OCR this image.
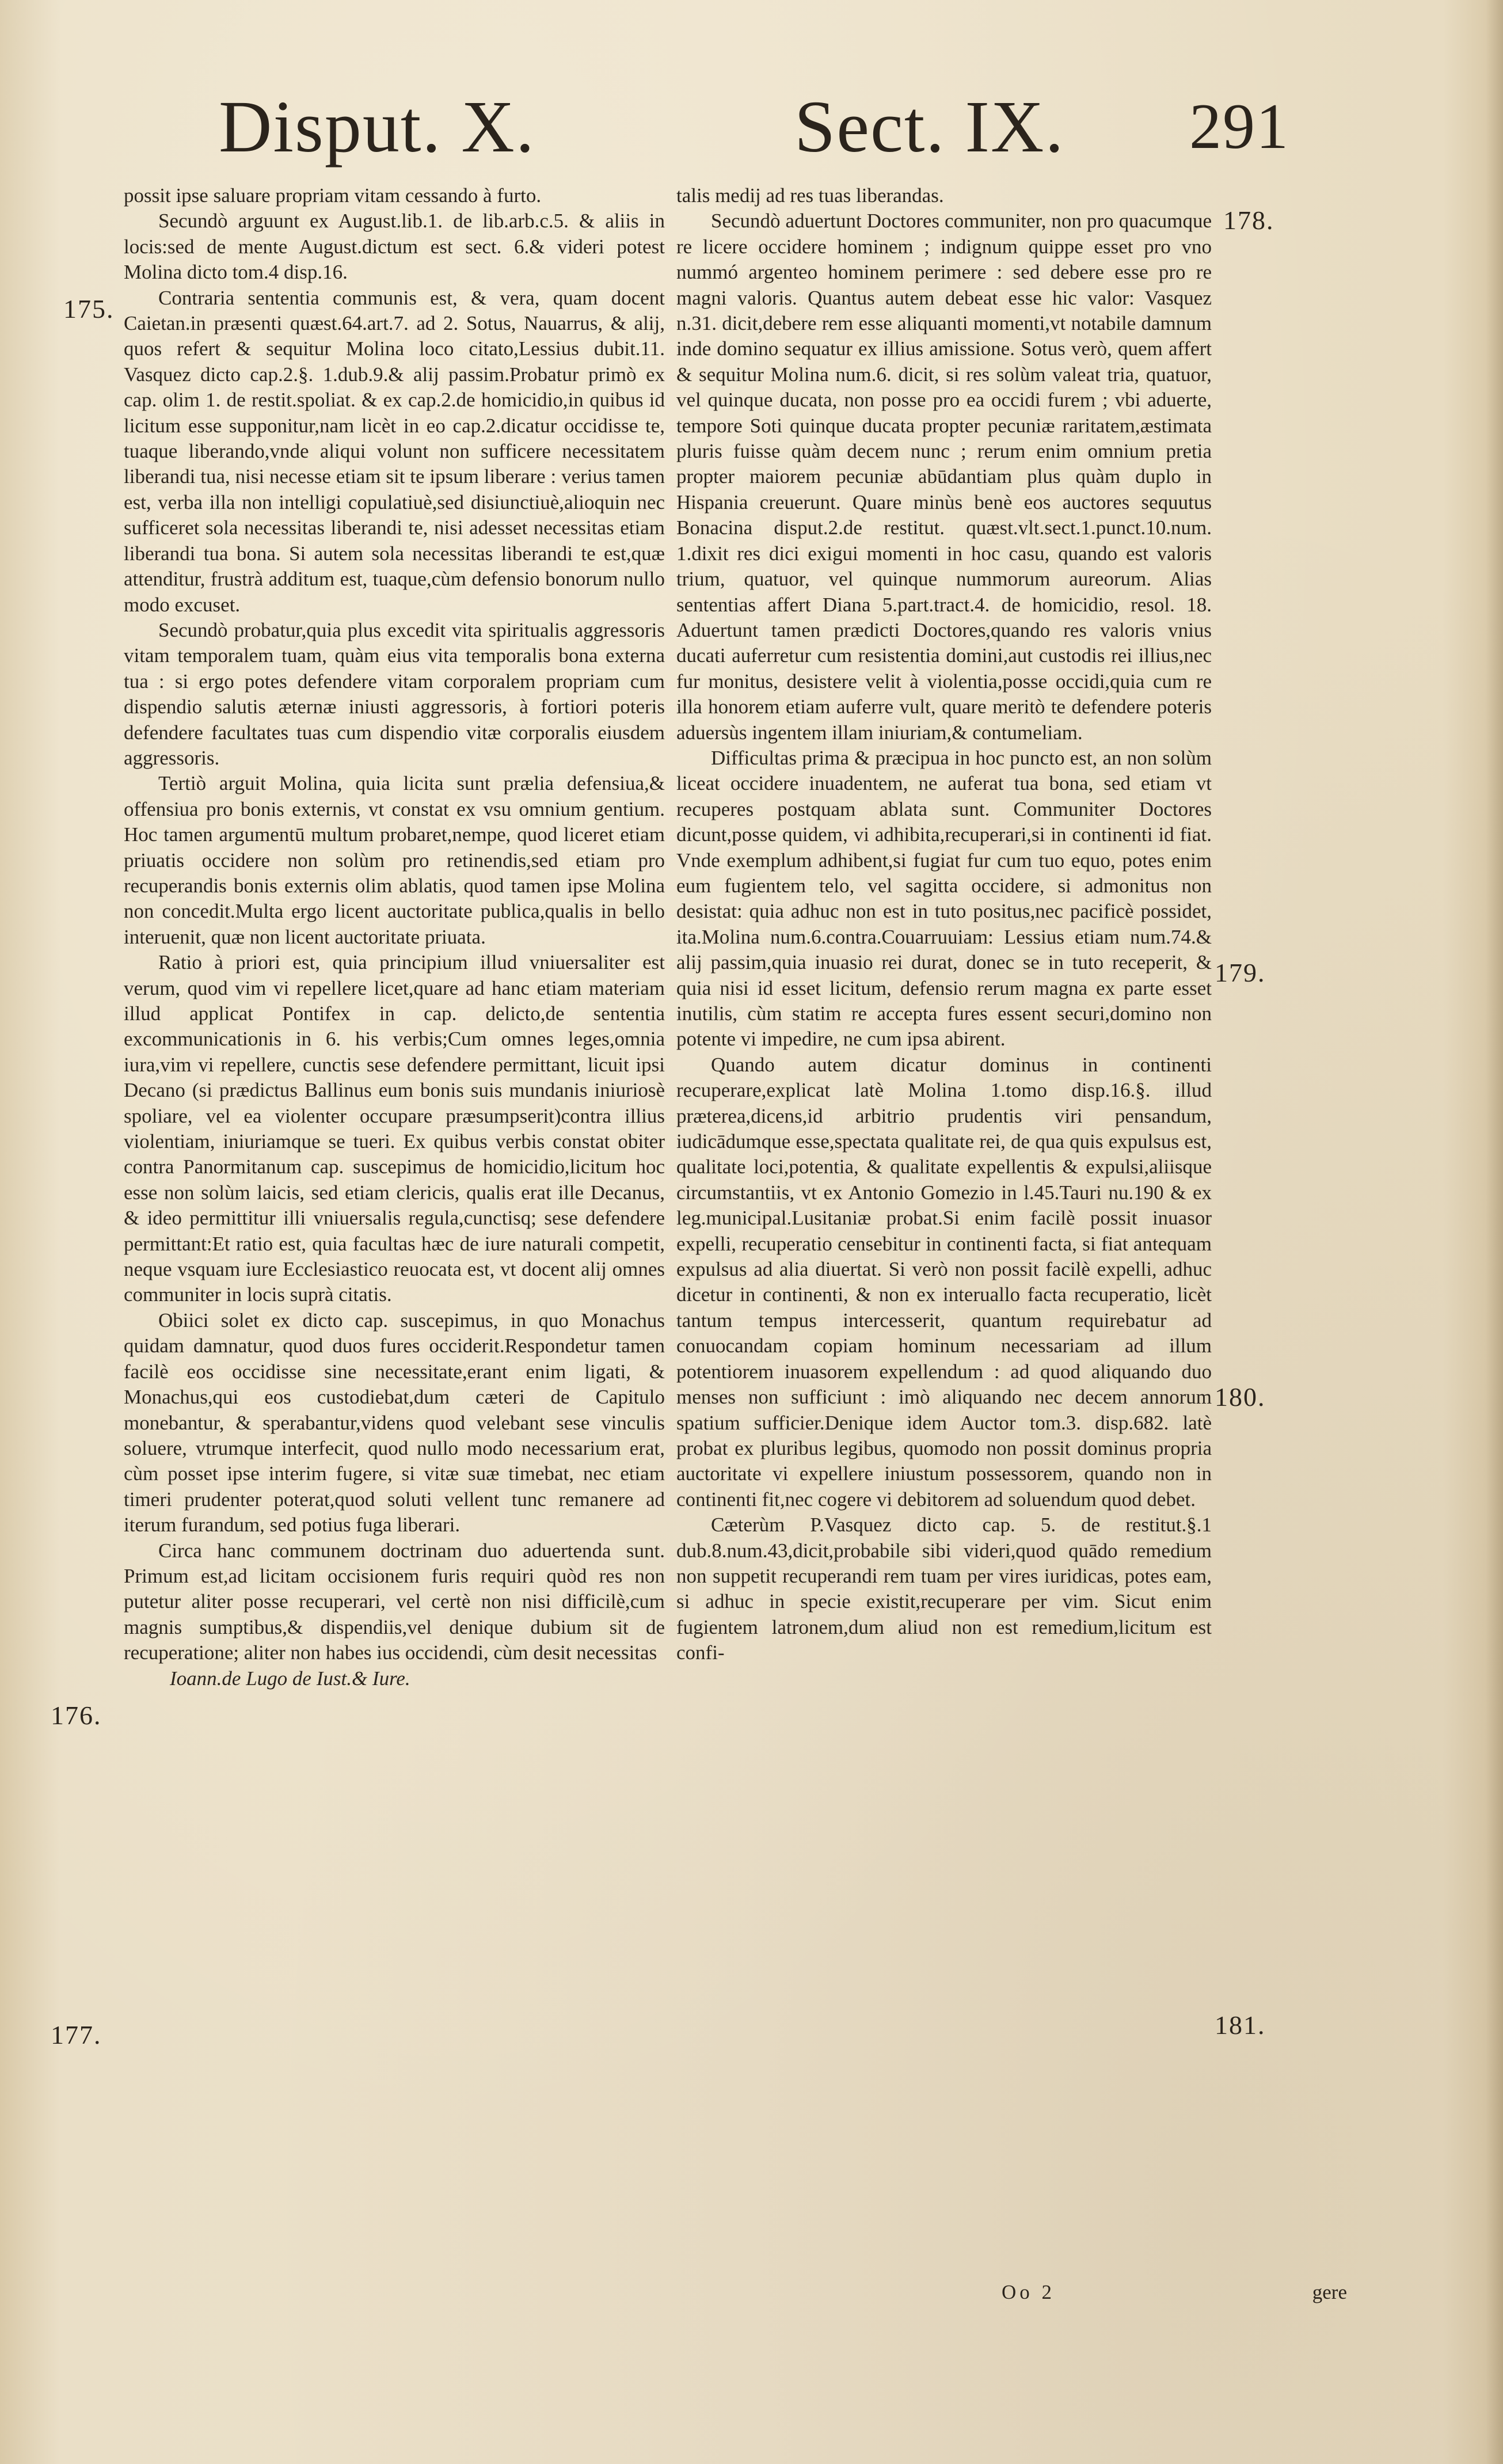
Disput. X.	Sect. IX. 291
175.
176.
177.
178.
179.
180.
181.

possit ipse saluare propriam vitam cessando à furto.

Secundò arguunt ex August.lib.1. de lib.arb.c.5. & aliis in locis:sed de mente August.dictum est sect. 6.& videri potest Molina dicto tom.4 disp.16.

Contraria sententia communis est, & vera, quam docent Caietan.in præsenti quæst.64.art.7. ad 2. Sotus, Nauarrus, & alij, quos refert & sequitur Molina loco citato,Lessius dubit.11. Vasquez dicto cap.2.§. 1.dub.9.& alij passim.Probatur primò ex cap. olim 1. de restit.spoliat. & ex cap.2.de homicidio,in quibus id licitum esse supponitur,nam licèt in eo cap.2.dicatur occidisse te, tuaque liberando,vnde aliqui volunt non sufficere necessitatem liberandi tua, nisi necesse etiam sit te ipsum liberare : verius tamen est, verba illa non intelligi copulatiuè,sed disiunctiuè,alioquin nec sufficeret sola necessitas liberandi te, nisi adesset necessitas etiam liberandi tua bona. Si autem sola necessitas liberandi te est,quæ attenditur, frustrà additum est, tuaque,cùm defensio bonorum nullo modo excuset.

Secundò probatur,quia plus excedit vita spiritualis aggressoris vitam temporalem tuam, quàm eius vita temporalis bona externa tua : si ergo potes defendere vitam corporalem propriam cum dispendio salutis æternæ iniusti aggressoris, à fortiori poteris defendere facultates tuas cum dispendio vitæ corporalis eiusdem aggressoris.

Tertiò arguit Molina, quia licita sunt prælia defensiua,& offensiua pro bonis externis, vt constat ex vsu omnium gentium. Hoc tamen argumentū multum probaret,nempe, quod liceret etiam priuatis occidere non solùm pro retinendis,sed etiam pro recuperandis bonis externis olim ablatis, quod tamen ipse Molina non concedit.Multa ergo licent auctoritate publica,qualis in bello interuenit, quæ non licent auctoritate priuata.

Ratio à priori est, quia principium illud vniuersaliter est verum, quod vim vi repellere licet,quare ad hanc etiam materiam illud applicat Pontifex in cap. delicto,de sententia excommunicationis in 6. his verbis;Cum omnes leges,omnia iura,vim vi repellere, cunctis sese defendere permittant, licuit ipsi Decano (si prædictus Ballinus eum bonis suis mundanis iniuriosè spoliare, vel ea violenter occupare præsumpserit)contra illius violentiam, iniuriamque se tueri. Ex quibus verbis constat obiter contra Panormitanum cap. suscepimus de homicidio,licitum hoc esse non solùm laicis, sed etiam clericis, qualis erat ille Decanus, & ideo permittitur illi vniuersalis regula,cunctisq; sese defendere permittant:Et ratio est, quia facultas hæc de iure naturali competit, neque vsquam iure Ecclesiastico reuocata est, vt docent alij omnes communiter in locis suprà citatis.

Obiici solet ex dicto cap. suscepimus, in quo Monachus quidam damnatur, quod duos fures occiderit.Respondetur tamen facilè eos occidisse sine necessitate,erant enim ligati, & Monachus,qui eos custodiebat,dum cæteri de Capitulo monebantur, & sperabantur,videns quod velebant sese vinculis soluere, vtrumque interfecit, quod nullo modo necessarium erat, cùm posset ipse interim fugere, si vitæ suæ timebat, nec etiam timeri prudenter poterat,quod soluti vellent tunc remanere ad iterum furandum, sed potius fuga liberari.

Circa hanc communem doctrinam duo aduertenda sunt. Primum est,ad licitam occisionem furis requiri quòd res non putetur aliter posse recuperari, vel certè non nisi difficilè,cum magnis sumptibus,& dispendiis,vel denique dubium sit de recuperatione; aliter non habes ius occidendi, cùm desit necessitas

Ioann.de Lugo de Iust.& Iure.

talis medij ad res tuas liberandas.

Secundò aduertunt Doctores communiter, non pro quacumque re licere occidere hominem ; indignum quippe esset pro vno nummó argenteo hominem perimere : sed debere esse pro re magni valoris. Quantus autem debeat esse hic valor: Vasquez n.31. dicit,debere rem esse aliquanti momenti,vt notabile damnum inde domino sequatur ex illius amissione. Sotus verò, quem affert & sequitur Molina num.6. dicit, si res solùm valeat tria, quatuor, vel quinque ducata, non posse pro ea occidi furem ; vbi aduerte, tempore Soti quinque ducata propter pecuniæ raritatem,æstimata pluris fuisse quàm decem nunc ; rerum enim omnium pretia propter maiorem pecuniæ abūdantiam plus quàm duplo in Hispania creuerunt. Quare minùs benè eos auctores sequutus Bonacina disput.2.de restitut. quæst.vlt.sect.1.punct.10.num. 1.dixit res dici exigui momenti in hoc casu, quando est valoris trium, quatuor, vel quinque nummorum aureorum. Alias sententias affert Diana 5.part.tract.4. de homicidio, resol. 18. Aduertunt tamen prædicti Doctores,quando res valoris vnius ducati auferretur cum resistentia domini,aut custodis rei illius,nec fur monitus, desistere velit à violentia,posse occidi,quia cum re illa honorem etiam auferre vult, quare meritò te defendere poteris aduersùs ingentem illam iniuriam,& contumeliam.

Difficultas prima & præcipua in hoc puncto est, an non solùm liceat occidere inuadentem, ne auferat tua bona, sed etiam vt recuperes postquam ablata sunt. Communiter Doctores dicunt,posse quidem, vi adhibita,recuperari,si in continenti id fiat. Vnde exemplum adhibent,si fugiat fur cum tuo equo, potes enim eum fugientem telo, vel sagitta occidere, si admonitus non desistat: quia adhuc non est in tuto positus,nec pacificè possidet, ita.Molina num.6.contra.Couarruuiam: Lessius etiam num.74.& alij passim,quia inuasio rei durat, donec se in tuto receperit, & quia nisi id esset licitum, defensio rerum magna ex parte esset inutilis, cùm statim re accepta fures essent securi,domino non potente vi impedire, ne cum ipsa abirent.

Quando autem dicatur dominus in continenti recuperare,explicat latè Molina 1.tomo disp.16.§. illud præterea,dicens,id arbitrio prudentis viri pensandum, iudicādumque esse,spectata qualitate rei, de qua quis expulsus est, qualitate loci,potentia, & qualitate expellentis & expulsi,aliisque circumstantiis, vt ex Antonio Gomezio in l.45.Tauri nu.190 & ex leg.municipal.Lusitaniæ probat.Si enim facilè possit inuasor expelli, recuperatio censebitur in continenti facta, si fiat antequam expulsus ad alia diuertat. Si verò non possit facilè expelli, adhuc dicetur in continenti, & non ex interuallo facta recuperatio, licèt tantum tempus intercesserit, quantum requirebatur ad conuocandam copiam hominum necessariam ad illum potentiorem inuasorem expellendum : ad quod aliquando duo menses non sufficiunt : imò aliquando nec decem annorum spatium sufficier.Denique idem Auctor tom.3. disp.682. latè probat ex pluribus legibus, quomodo non possit dominus propria auctoritate vi expellere iniustum possessorem, quando non in continenti fit,nec cogere vi debitorem ad soluendum quod debet.

Cæterùm P.Vasquez dicto cap. 5. de restitut.§.1 dub.8.num.43,dicit,probabile sibi videri,quod quādo remedium non suppetit recuperandi rem tuam per vires iuridicas, potes eam, si adhuc in specie existit,recuperare per vim. Sicut enim fugientem latronem,dum aliud non est remedium,licitum est confi-

Oo 2	gere
